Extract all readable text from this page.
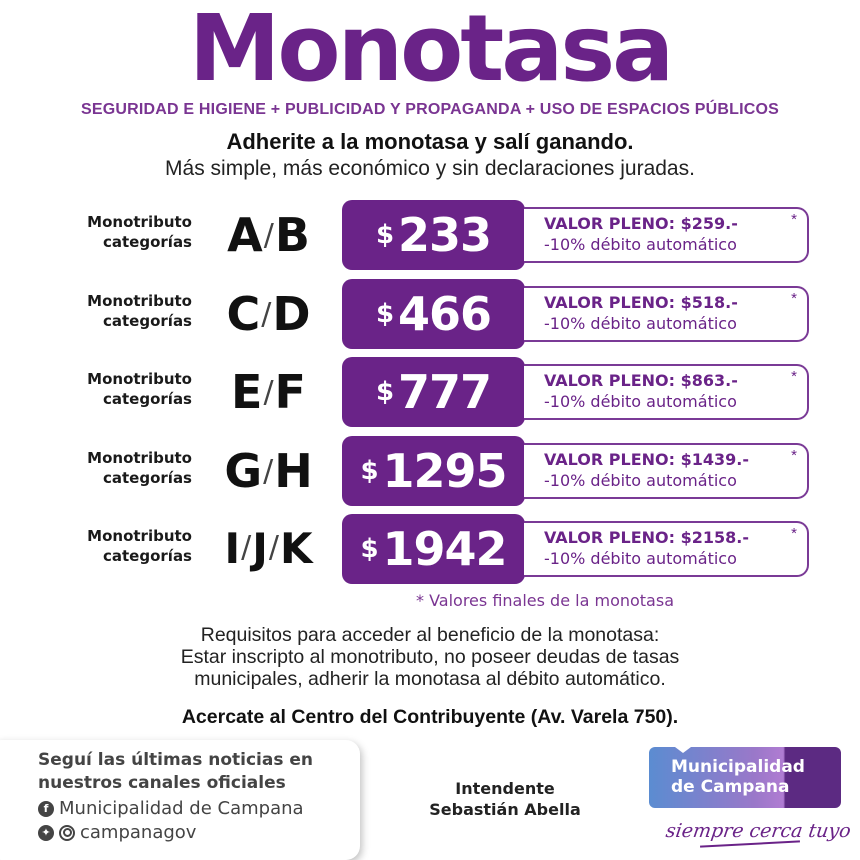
Monotasa
SEGURIDAD E HIGIENE + PUBLICIDAD Y PROPAGANDA + USO DE ESPACIOS PÚBLICOS
Adherite a la monotasa y salí ganando.
Más simple, más económico y sin declaraciones juradas.
Monotributo
categorías A/B	$ 233	VALOR PLENO: $259.-
-10% débito automático
*
Monotributo
categorías C/D	$ 466	VALOR PLENO: $518.-
-10% débito automático
*
Monotributo
categorías E/F	$ 777	VALOR PLENO: $863.-
-10% débito automático
*
Monotributo
categorías G/H	$ 1295 VALOR PLENO: $1439.-
-10% débito automático
*
Monotributo
categorías I/J/K	$ 1942 VALOR PLENO: $2158.-
-10% débito automático
*
* Valores finales de la monotasa
Requisitos para acceder al beneficio de la monotasa:
Estar inscripto al monotributo, no poseer deudas de tasas
municipales, adherir la monotasa al débito automático.
Acercate al Centro del Contribuyente (Av. Varela 750).
Seguí las últimas noticias en
nuestros canales oficiales
f Municipalidad de Campana
✦ campanagov
Intendente
Sebastián Abella
Municipalidad
de Campana
siempre cerca tuyo
